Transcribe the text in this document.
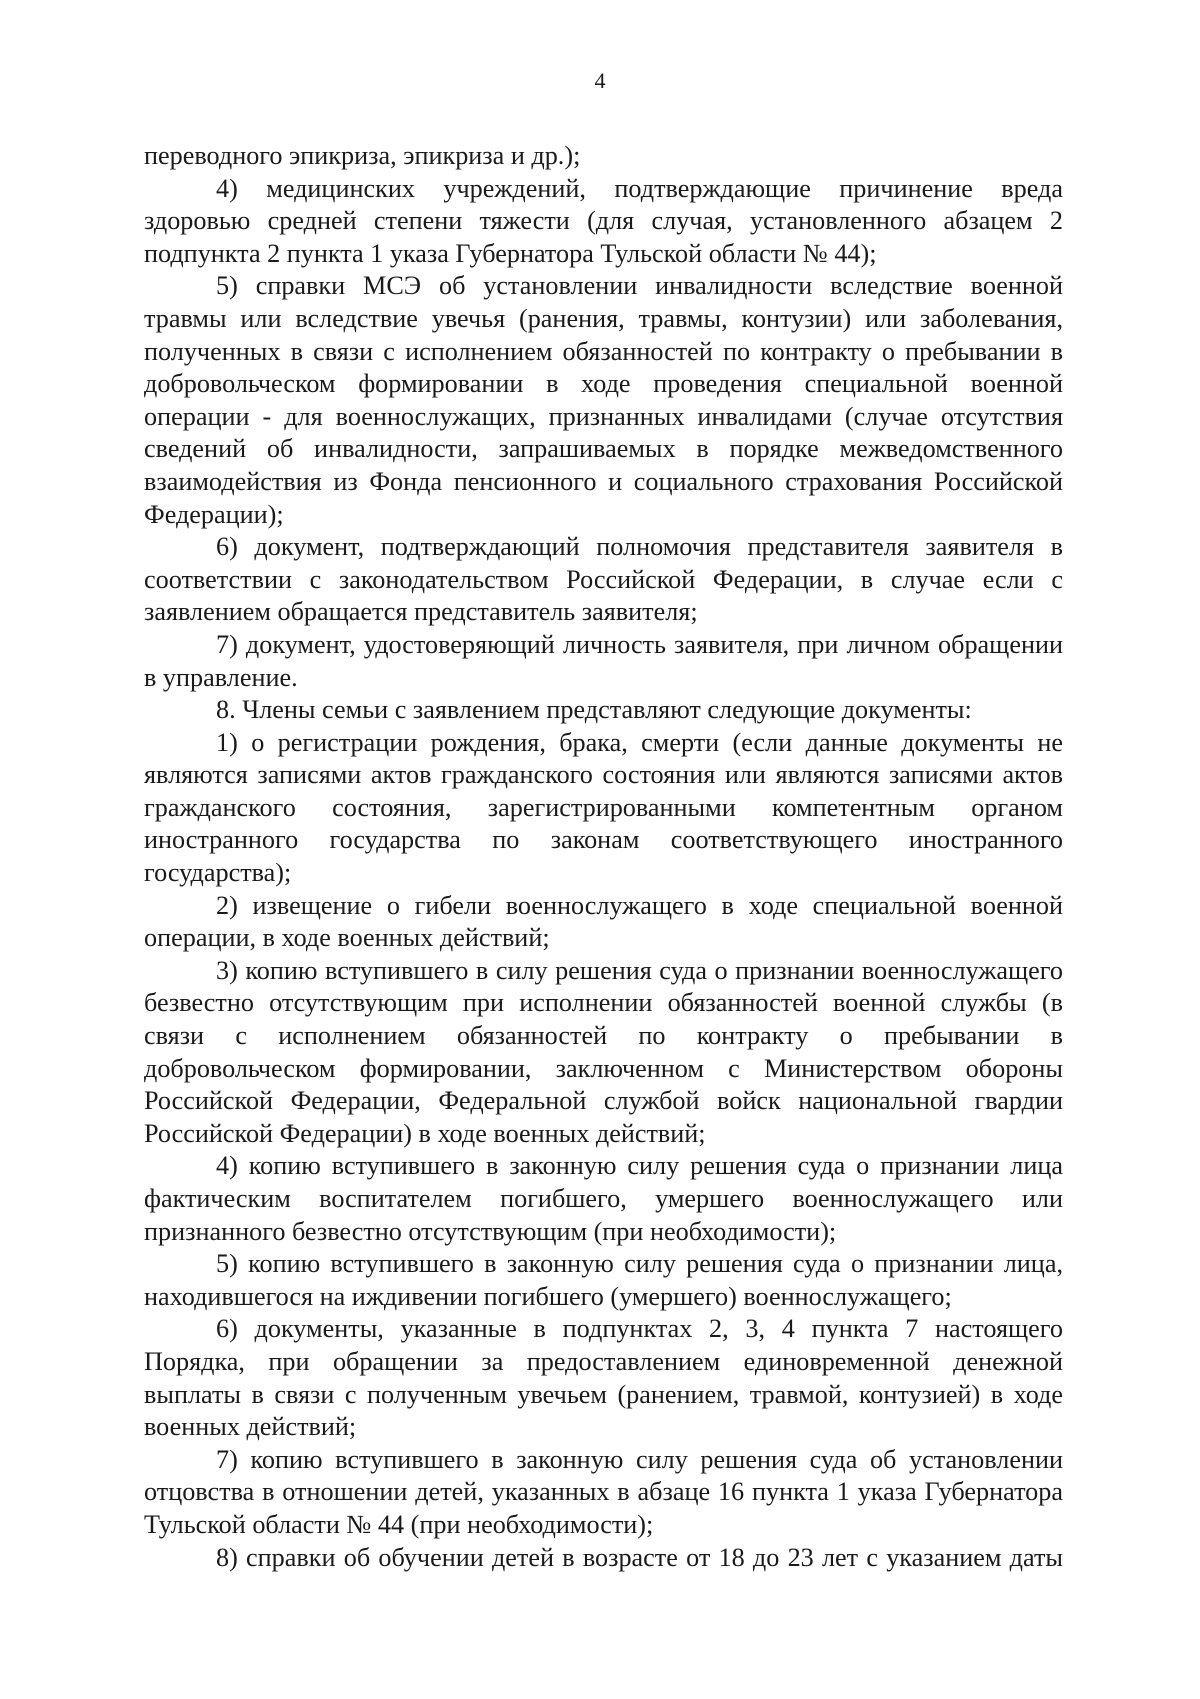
4

переводного эпикриза, эпикриза и др.);

4) медицинских учреждений, подтверждающие причинение вреда здоровью средней степени тяжести (для случая, установленного абзацем 2 подпункта 2 пункта 1 указа Губернатора Тульской области № 44);

5) справки МСЭ об установлении инвалидности вследствие военной травмы или вследствие увечья (ранения, травмы, контузии) или заболевания, полученных в связи с исполнением обязанностей по контракту о пребывании в добровольческом формировании в ходе проведения специальной военной операции - для военнослужащих, признанных инвалидами (случае отсутствия сведений об инвалидности, запрашиваемых в порядке межведомственного взаимодействия из Фонда пенсионного и социального страхования Российской Федерации);

6) документ, подтверждающий полномочия представителя заявителя в соответствии с законодательством Российской Федерации, в случае если с заявлением обращается представитель заявителя;

7) документ, удостоверяющий личность заявителя, при личном обращении в управление.

8. Члены семьи с заявлением представляют следующие документы:

1) о регистрации рождения, брака, смерти (если данные документы не являются записями актов гражданского состояния или являются записями актов гражданского состояния, зарегистрированными компетентным органом иностранного государства по законам соответствующего иностранного государства);

2) извещение о гибели военнослужащего в ходе специальной военной операции, в ходе военных действий;

3) копию вступившего в силу решения суда о признании военнослужащего безвестно отсутствующим при исполнении обязанностей военной службы (в связи с исполнением обязанностей по контракту о пребывании в добровольческом формировании, заключенном с Министерством обороны Российской Федерации, Федеральной службой войск национальной гвардии Российской Федерации) в ходе военных действий;

4) копию вступившего в законную силу решения суда о признании лица фактическим воспитателем погибшего, умершего военнослужащего или признанного безвестно отсутствующим (при необходимости);

5) копию вступившего в законную силу решения суда о признании лица, находившегося на иждивении погибшего (умершего) военнослужащего;

6) документы, указанные в подпунктах 2, 3, 4 пункта 7 настоящего Порядка, при обращении за предоставлением единовременной денежной выплаты в связи с полученным увечьем (ранением, травмой, контузией) в ходе военных действий;

7) копию вступившего в законную силу решения суда об установлении отцовства в отношении детей, указанных в абзаце 16 пункта 1 указа Губернатора Тульской области № 44 (при необходимости);

8) справки об обучении детей в возрасте от 18 до 23 лет с указанием даты
